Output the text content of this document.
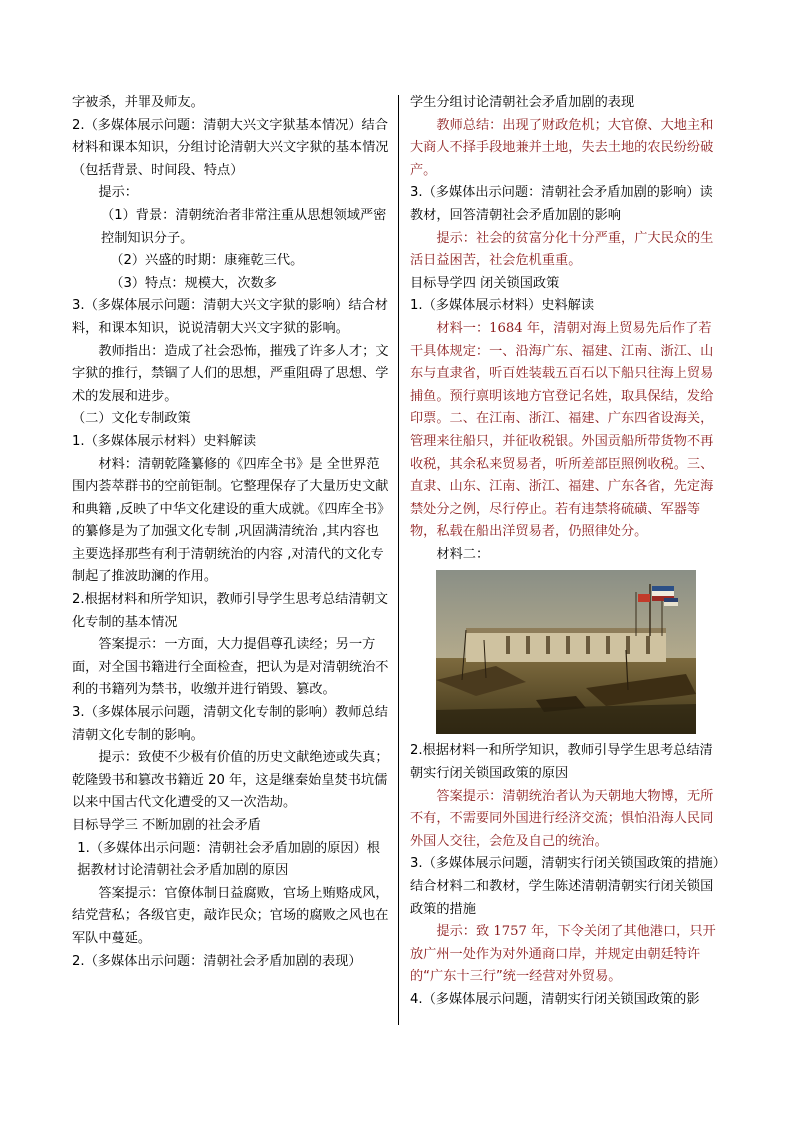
字被杀，并罪及师友。

2.（多媒体展示问题：清朝大兴文字狱基本情况）结合材料和课本知识，分组讨论清朝大兴文字狱的基本情况（包括背景、时间段、特点）

提示：

（1）背景：清朝统治者非常注重从思想领域严密控制知识分子。

（2）兴盛的时期：康雍乾三代。

（3）特点：规模大，次数多

3.（多媒体展示问题：清朝大兴文字狱的影响）结合材料，和课本知识，说说清朝大兴文字狱的影响。

教师指出：造成了社会恐怖，摧残了许多人才；文字狱的推行，禁锢了人们的思想，严重阻碍了思想、学术的发展和进步。

（二）文化专制政策

1.（多媒体展示材料）史料解读

材料：清朝乾隆纂修的《四库全书》是 全世界范围内荟萃群书的空前钜制。它整理保存了大量历史文献和典籍 ,反映了中华文化建设的重大成就。《四库全书》的纂修是为了加强文化专制 ,巩固满清统治 ,其内容也主要选择那些有利于清朝统治的内容 ,对清代的文化专制起了推波助澜的作用。

2.根据材料和所学知识，教师引导学生思考总结清朝文化专制的基本情况

答案提示：一方面，大力提倡尊孔读经；另一方面，对全国书籍进行全面检查，把认为是对清朝统治不利的书籍列为禁书，收缴并进行销毁、篡改。

3.（多媒体展示问题，清朝文化专制的影响）教师总结清朝文化专制的影响。

提示：致使不少极有价值的历史文献绝迹或失真；乾隆毁书和篡改书籍近 20 年，这是继秦始皇焚书坑儒以来中国古代文化遭受的又一次浩劫。

目标导学三 不断加剧的社会矛盾

1.（多媒体出示问题：清朝社会矛盾加剧的原因）根据教材讨论清朝社会矛盾加剧的原因

答案提示：官僚体制日益腐败，官场上贿赂成风，结党营私；各级官吏，敲诈民众；官场的腐败之风也在军队中蔓延。

2.（多媒体出示问题：清朝社会矛盾加剧的表现）

学生分组讨论清朝社会矛盾加剧的表现

教师总结：出现了财政危机；大官僚、大地主和大商人不择手段地兼并土地，失去土地的农民纷纷破产。

3.（多媒体出示问题：清朝社会矛盾加剧的影响）读教材，回答清朝社会矛盾加剧的影响

提示：社会的贫富分化十分严重，广大民众的生活日益困苦，社会危机重重。

目标导学四 闭关锁国政策

1.（多媒体展示材料）史料解读

材料一：1684 年，清朝对海上贸易先后作了若干具体规定：一、沿海广东、福建、江南、浙江、山东与直隶省，听百姓装载五百石以下船只往海上贸易捕鱼。预行禀明该地方官登记名姓，取具保结，发给印票。二、在江南、浙江、福建、广东四省设海关，管理来往船只，并征收税银。外国贡船所带货物不再收税，其余私来贸易者，听所差部臣照例收税。三、直隶、山东、江南、浙江、福建、广东各省，先定海禁处分之例，尽行停止。若有违禁将硫磺、军器等物，私载在船出洋贸易者，仍照律处分。

材料二：

2.根据材料一和所学知识，教师引导学生思考总结清朝实行闭关锁国政策的原因

答案提示：清朝统治者认为天朝地大物博，无所不有，不需要同外国进行经济交流；惧怕沿海人民同外国人交往，会危及自己的统治。

3.（多媒体展示问题，清朝实行闭关锁国政策的措施）结合材料二和教材，学生陈述清朝清朝实行闭关锁国政策的措施

提示：致 1757 年，下令关闭了其他港口，只开放广州一处作为对外通商口岸，并规定由朝廷特许的“广东十三行”统一经营对外贸易。

4.（多媒体展示问题，清朝实行闭关锁国政策的影
